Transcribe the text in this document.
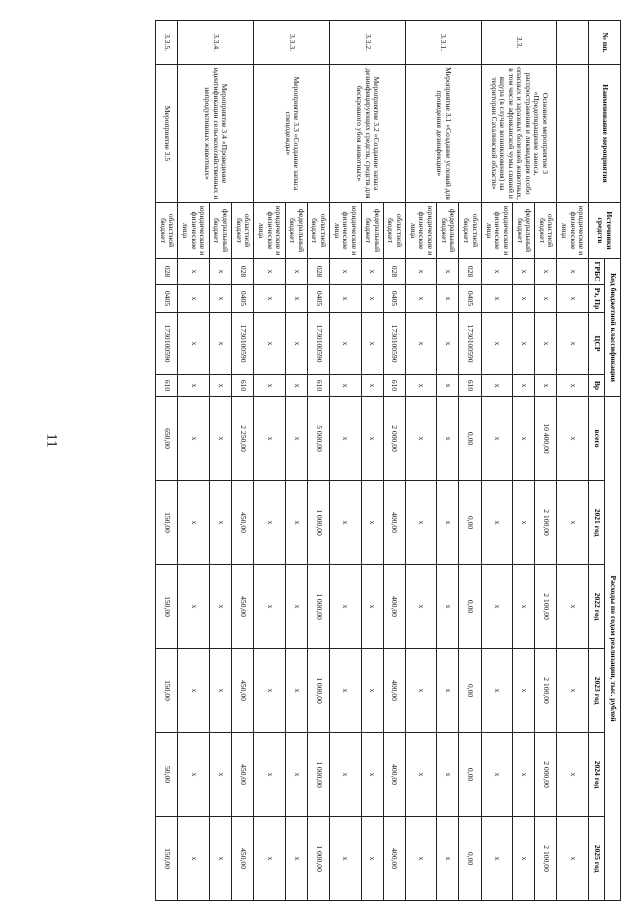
11
№ пп.	Наименование мероприятия	Источники средств	Код бюджетной классификации				Расходы по годам реализации, тыс. рублей					
			ГРБС	Рз, Пр	ЦСР	Вр	всего	2021 год	2022 год	2023 год	2024 год	2025 год
		юридические и физические лица	x	x	x	x	x	x	x	x	x	x
3.3.	Основное мероприятие 3 «Предотвращение заноса, распространения и ликвидация особо опасных и заразных болезней животных, в том числе африканской чумы свиней и ящура (в случае возникновения) на территории Сахалинской области»	областной бюджет	x	x	x	x	10 400,00	2 100,00	2 100,00	2 100,00	2 000,00	2 100,00
		федеральный бюджет	x	x	x	x	x	x	x	x	x	x
		юридические и физические лица	x	x	x	x	x	x	x	x	x	x
3.3.1.	Мероприятие 3.1 «Создание условий для проведения дезинфекции»	областной бюджет	028	0405	1730100590	610	0,00	0,00	0,00	0,00	0,00	0,00
		федеральный бюджет	x	x	x	x	x	x	x	x	x	x
		юридические и физические лица	x	x	x	x	x	x	x	x	x	x
3.3.2.	Мероприятие 3.2 «Создание запаса дезинфицирующих средств, средств для бескровного убоя животных»	областной бюджет	028	0405	1730100590	610	2 000,00	400,00	400,00	400,00	400,00	400,00
		федеральный бюджет	x	x	x	x	x	x	x	x	x	x
		юридические и физические лица	x	x	x	x	x	x	x	x	x	x
3.3.3.	Мероприятие 3.3 «Создание запаса спецодежды»	областной бюджет	028	0405	1730100590	610	5 000,00	1 000,00	1 000,00	1 000,00	1 000,00	1 000,00
		федеральный бюджет	x	x	x	x	x	x	x	x	x	x
		юридические и физические лица	x	x	x	x	x	x	x	x	x	x
3.3.4.	Мероприятие 3.4 «Проведение идентификации сельскохозяйственных и непродуктивных животных»	областной бюджет	028	0405	1730100590	610	2 250,00	450,00	450,00	450,00	450,00	450,00
		федеральный бюджет	x	x	x	x	x	x	x	x	x	x
		юридические и физические лица	x	x	x	x	x	x	x	x	x	x
3.3.5.	Мероприятие 3.5	областной бюджет	028	0405	1730100590	610	650,00	150,00	150,00	150,00	50,00	150,00
